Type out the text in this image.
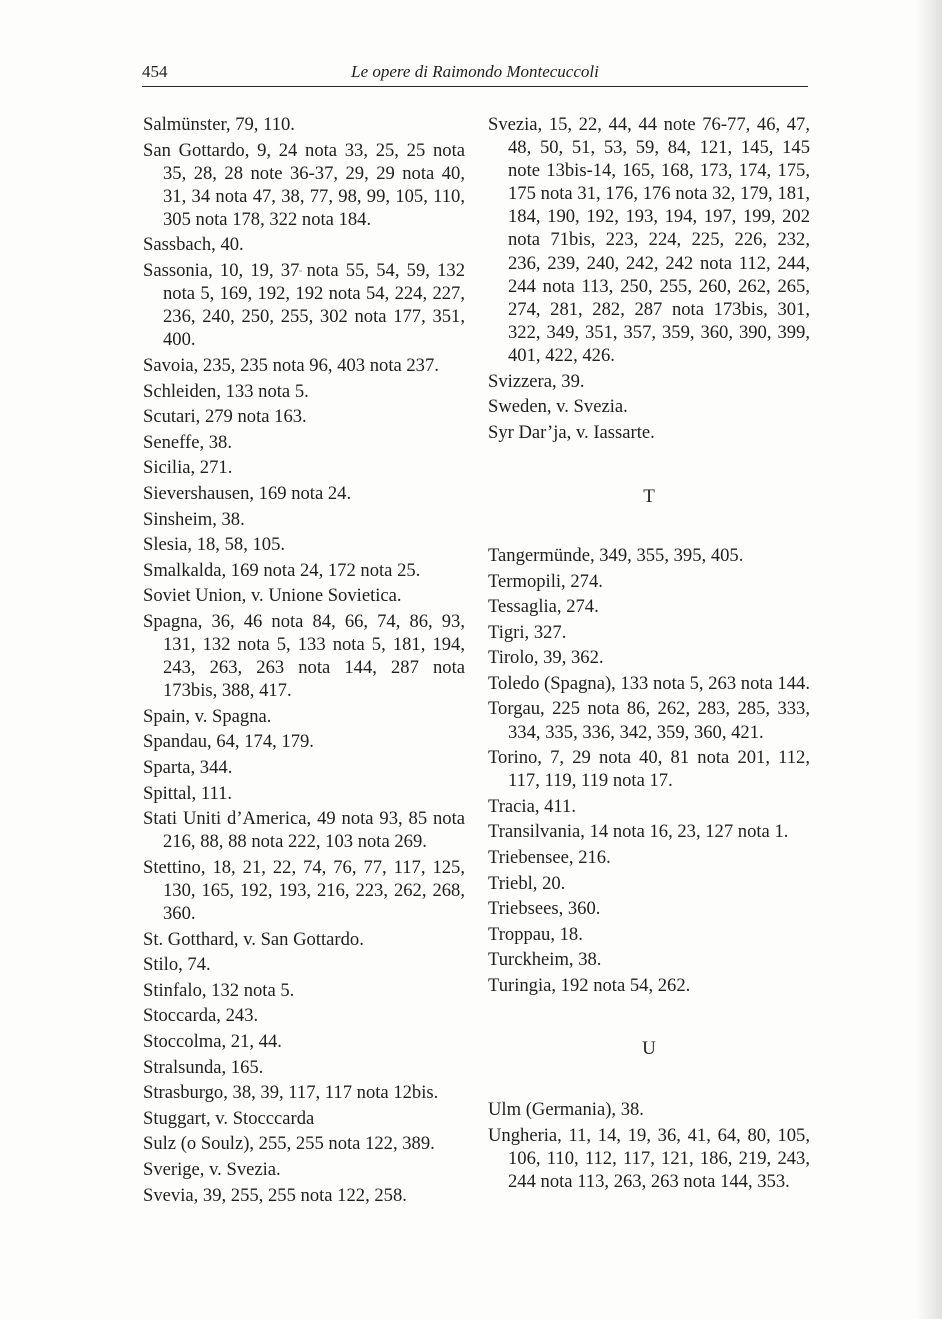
454	Le opere di Raimondo Montecuccoli
Salmünster, 79, 110.
San Gottardo, 9, 24 nota 33, 25, 25 nota 35, 28, 28 note 36-37, 29, 29 nota 40, 31, 34 nota 47, 38, 77, 98, 99, 105, 110, 305 nota 178, 322 nota 184.
Sassbach, 40.
Sassonia, 10, 19, 37 nota 55, 54, 59, 132 nota 5, 169, 192, 192 nota 54, 224, 227, 236, 240, 250, 255, 302 nota 177, 351, 400.
Savoia, 235, 235 nota 96, 403 nota 237.
Schleiden, 133 nota 5.
Scutari, 279 nota 163.
Seneffe, 38.
Sicilia, 271.
Sievershausen, 169 nota 24.
Sinsheim, 38.
Slesia, 18, 58, 105.
Smalkalda, 169 nota 24, 172 nota 25.
Soviet Union, v. Unione Sovietica.
Spagna, 36, 46 nota 84, 66, 74, 86, 93, 131, 132 nota 5, 133 nota 5, 181, 194, 243, 263, 263 nota 144, 287 nota 173bis, 388, 417.
Spain, v. Spagna.
Spandau, 64, 174, 179.
Sparta, 344.
Spittal, 111.
Stati Uniti d’America, 49 nota 93, 85 nota 216, 88, 88 nota 222, 103 nota 269.
Stettino, 18, 21, 22, 74, 76, 77, 117, 125, 130, 165, 192, 193, 216, 223, 262, 268, 360.
St. Gotthard, v. San Gottardo.
Stilo, 74.
Stinfalo, 132 nota 5.
Stoccarda, 243.
Stoccolma, 21, 44.
Stralsunda, 165.
Strasburgo, 38, 39, 117, 117 nota 12bis.
Stuggart, v. Stocccarda
Sulz (o Soulz), 255, 255 nota 122, 389.
Sverige, v. Svezia.
Svevia, 39, 255, 255 nota 122, 258.
Svezia, 15, 22, 44, 44 note 76-77, 46, 47, 48, 50, 51, 53, 59, 84, 121, 145, 145 note 13bis-14, 165, 168, 173, 174, 175, 175 nota 31, 176, 176 nota 32, 179, 181, 184, 190, 192, 193, 194, 197, 199, 202 nota 71bis, 223, 224, 225, 226, 232, 236, 239, 240, 242, 242 nota 112, 244, 244 nota 113, 250, 255, 260, 262, 265, 274, 281, 282, 287 nota 173bis, 301, 322, 349, 351, 357, 359, 360, 390, 399, 401, 422, 426.
Svizzera, 39.
Sweden, v. Svezia.
Syr Dar’ja, v. Iassarte.
T
Tangermünde, 349, 355, 395, 405.
Termopili, 274.
Tessaglia, 274.
Tigri, 327.
Tirolo, 39, 362.
Toledo (Spagna), 133 nota 5, 263 nota 144.
Torgau, 225 nota 86, 262, 283, 285, 333, 334, 335, 336, 342, 359, 360, 421.
Torino, 7, 29 nota 40, 81 nota 201, 112, 117, 119, 119 nota 17.
Tracia, 411.
Transilvania, 14 nota 16, 23, 127 nota 1.
Triebensee, 216.
Triebl, 20.
Triebsees, 360.
Troppau, 18.
Turckheim, 38.
Turingia, 192 nota 54, 262.
U
Ulm (Germania), 38.
Ungheria, 11, 14, 19, 36, 41, 64, 80, 105, 106, 110, 112, 117, 121, 186, 219, 243, 244 nota 113, 263, 263 nota 144, 353.
